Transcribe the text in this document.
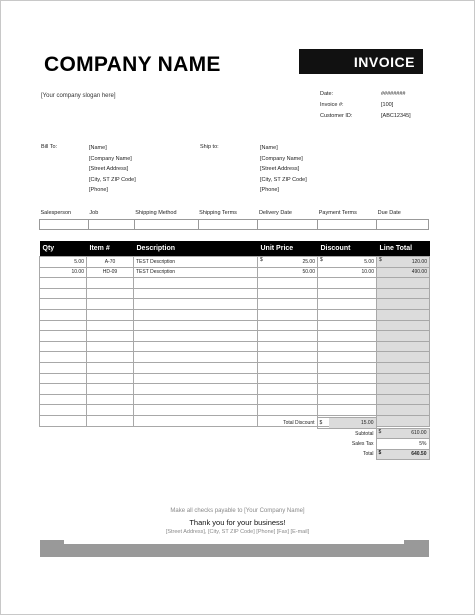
COMPANY NAME
[Your company slogan here]
INVOICE
Date:	########
Invoice #:	[100]
Customer ID:	[ABC12345]
Bill To:	[Name]
[Company Name]
[Street Address]
[City, ST ZIP Code]
[Phone]
Ship to:	[Name]
[Company Name]
[Street Address]
[City, ST ZIP Code]
[Phone]
Salesperson	Job	Shipping Method	Shipping Terms	Delivery Date	Payment Terms	Due Date

Qty	Item #	Description	Unit Price	Discount	Line Total
5.00	A-70	TEST Description	$ 25.00	$ 5.00	$ 120.00
10.00	HD-09	TEST Description	50.00	10.00	490.00

	Total Discount	$	15.00	
			Subtotal	$ 610.00
			Sales Tax	5%
			Total	$ 640.50
Make all checks payable to [Your Company Name]
Thank you for your business!
[Street Address], [City, ST ZIP Code] [Phone] [Fax] [E-mail]
